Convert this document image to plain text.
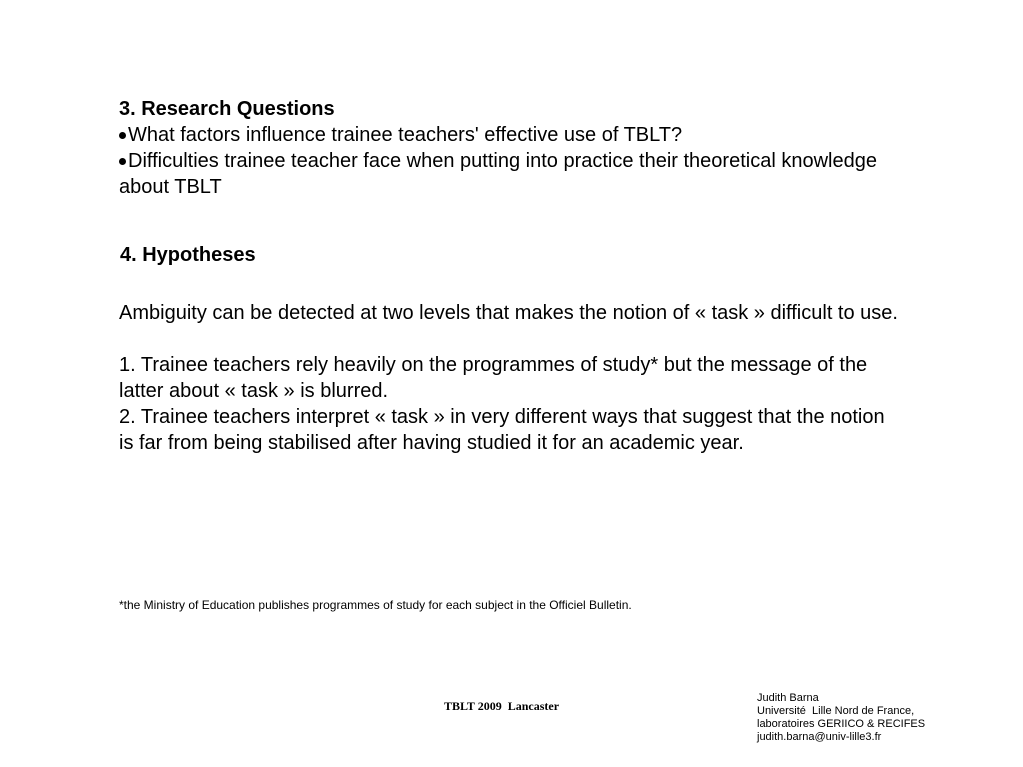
3. Research Questions

What factors influence trainee teachers' effective use of TBLT?

Difficulties trainee teacher face when putting into practice their theoretical knowledge about TBLT

4. Hypotheses

Ambiguity can be detected at two levels that makes the notion of « task » difficult to use.

1. Trainee teachers rely heavily on the programmes of study* but the message of the latter about « task » is blurred.

2. Trainee teachers interpret « task » in very different ways that suggest that the notion is far from being stabilised after having studied it for an academic year.

*the Ministry of Education publishes programmes of study for each subject in the Officiel Bulletin.
TBLT 2009  Lancaster
Judith Barna
Université  Lille Nord de France,
laboratoires GERIICO & RECIFES
judith.barna@univ-lille3.fr
